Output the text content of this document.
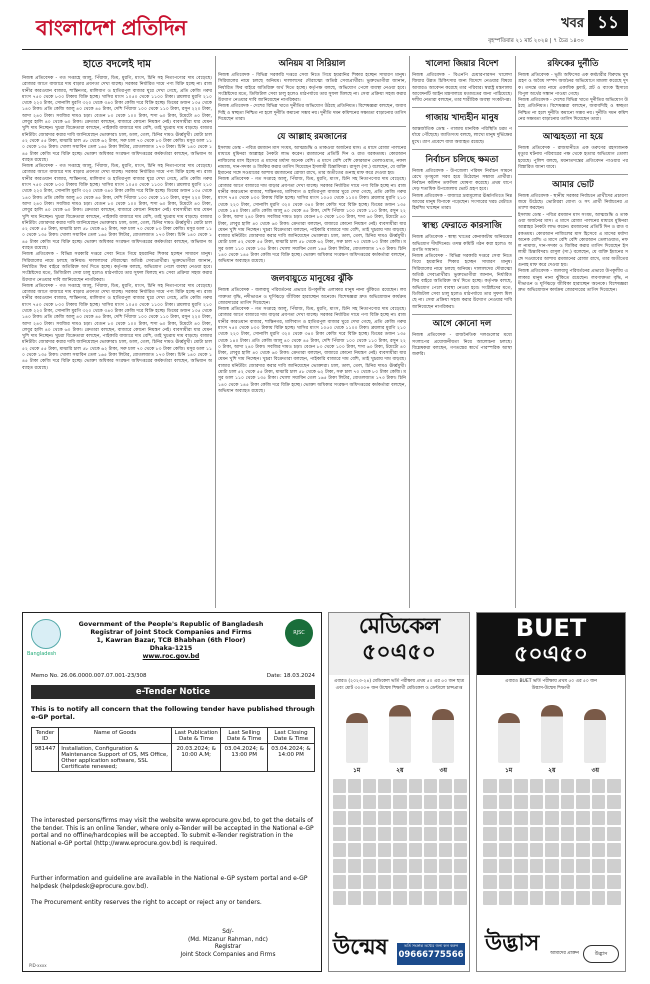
বাংলাদেশ প্রতিদিন	খবর ১১
বৃহস্পতিবার ২১ মার্চ ২০২৪ | ৭ চৈত্র ১৪৩০
হাতে বদলেই দাম
নিজস্ব প্রতিবেদক - গত সপ্তাহে আলু, পিঁয়াজ, ডিম, মুরগি, মাংস, চিনি সহ নিত্যপণ্যের দাম বেড়েছে। রোজার আগে বাজারে দাম বাড়ার প্রবণতা দেখা যাচ্ছে। সরকার নির্ধারিত দামে পণ্য বিক্রি হচ্ছে না। রাজধানীর কারওয়ান বাজার, শান্তিনগর, মালিবাগ ও হাতিরপুল বাজার ঘুরে দেখা গেছে, প্রতি কেজি গরুর মাংস ৭৫০ থেকে ৮০০ টাকায় বিক্রি হচ্ছে। খাসির মাংস ১০৫০ থেকে ১১০০ টাকা। ব্রয়লার মুরগি ২১০ থেকে ২২০ টাকা, সোনালি মুরগি ৩২০ থেকে ৩৪০ টাকা কেজি দরে বিক্রি হচ্ছে। ডিমের ডজন ১৩৫ থেকে ১৪০ টাকা। প্রতি কেজি আলু ৪০ থেকে ৪৫ টাকা, দেশি পিঁয়াজ ১০০ থেকে ১১০ টাকা, রসুন ২২০ টাকা, আদা ২৪০ টাকা। সবজির দামও চড়া। বেগুন ৮০ থেকে ১০০ টাকা, শসা ৬০ টাকা, টমেটো ৪০ টাকা, লেবুর হালি ৪০ থেকে ৬০ টাকা। ক্রেতারা বলছেন, বাজারে কোনো নিয়ন্ত্রণ নেই। ব্যবসায়ীরা যার যেমন খুশি দাম নিচ্ছেন। খুচরা বিক্রেতারা বলছেন, পাইকারি বাজারে দাম বেশি, তাই খুচরায় দাম বাড়ছে। বাজার মনিটরিং জোরদার করার দাবি জানিয়েছেন ভোক্তারা। চাল, ডাল, তেল, চিনির দামও ঊর্ধ্বমুখী। মোটা চাল ৫২ থেকে ৫৫ টাকা, মাঝারি চাল ৫৮ থেকে ৬২ টাকা, সরু চাল ৭০ থেকে ৮০ টাকা কেজি। মসুর ডাল ১১০ থেকে ১৩৫ টাকা। খোলা সয়াবিন তেল ১৬৫ টাকা লিটার, বোতলজাত ১৭৩ টাকা। চিনি ১৪০ থেকে ১৪৫ টাকা কেজি দরে বিক্রি হচ্ছে। ভোক্তা অধিকার সংরক্ষণ অধিদপ্তরের কর্মকর্তারা বলছেন, অভিযান অব্যাহত রয়েছে।
নিজস্ব প্রতিবেদক - গত সপ্তাহে আলু, পিঁয়াজ, ডিম, মুরগি, মাংস, চিনি সহ নিত্যপণ্যের দাম বেড়েছে। রোজার আগে বাজারে দাম বাড়ার প্রবণতা দেখা যাচ্ছে। সরকার নির্ধারিত দামে পণ্য বিক্রি হচ্ছে না। রাজধানীর কারওয়ান বাজার, শান্তিনগর, মালিবাগ ও হাতিরপুল বাজার ঘুরে দেখা গেছে, প্রতি কেজি গরুর মাংস ৭৫০ থেকে ৮০০ টাকায় বিক্রি হচ্ছে। খাসির মাংস ১০৫০ থেকে ১১০০ টাকা। ব্রয়লার মুরগি ২১০ থেকে ২২০ টাকা, সোনালি মুরগি ৩২০ থেকে ৩৪০ টাকা কেজি দরে বিক্রি হচ্ছে। ডিমের ডজন ১৩৫ থেকে ১৪০ টাকা। প্রতি কেজি আলু ৪০ থেকে ৪৫ টাকা, দেশি পিঁয়াজ ১০০ থেকে ১১০ টাকা, রসুন ২২০ টাকা, আদা ২৪০ টাকা। সবজির দামও চড়া। বেগুন ৮০ থেকে ১০০ টাকা, শসা ৬০ টাকা, টমেটো ৪০ টাকা, লেবুর হালি ৪০ থেকে ৬০ টাকা। ক্রেতারা বলছেন, বাজারে কোনো নিয়ন্ত্রণ নেই। ব্যবসায়ীরা যার যেমন খুশি দাম নিচ্ছেন। খুচরা বিক্রেতারা বলছেন, পাইকারি বাজারে দাম বেশি, তাই খুচরায় দাম বাড়ছে। বাজার মনিটরিং জোরদার করার দাবি জানিয়েছেন ভোক্তারা। চাল, ডাল, তেল, চিনির দামও ঊর্ধ্বমুখী। মোটা চাল ৫২ থেকে ৫৫ টাকা, মাঝারি চাল ৫৮ থেকে ৬২ টাকা, সরু চাল ৭০ থেকে ৮০ টাকা কেজি। মসুর ডাল ১১০ থেকে ১৩৫ টাকা। খোলা সয়াবিন তেল ১৬৫ টাকা লিটার, বোতলজাত ১৭৩ টাকা। চিনি ১৪০ থেকে ১৪৫ টাকা কেজি দরে বিক্রি হচ্ছে। ভোক্তা অধিকার সংরক্ষণ অধিদপ্তরের কর্মকর্তারা বলছেন, অভিযান অব্যাহত রয়েছে।
নিজস্ব প্রতিবেদক - বিভিন্ন সরকারি দপ্তরে সেবা নিতে গিয়ে হয়রানির শিকার হচ্ছেন সাধারণ মানুষ। সিরিয়ালের নামে চলছে অনিয়ম। দালালদের দৌরাত্ম্যে অতিষ্ঠ সেবাপ্রার্থীরা। ভুক্তভোগীরা জানান, নির্ধারিত ফির বাইরে অতিরিক্ত অর্থ দিতে হচ্ছে। কর্তৃপক্ষ বলছে, অভিযোগ পেলে ব্যবস্থা নেওয়া হবে। সংশ্লিষ্টদের মতে, ডিজিটাল সেবা চালু হলেও মাঠপর্যায়ে তার সুফল মিলছে না। সেবা প্রক্রিয়া সহজ করার উদ্যোগ নেওয়ার দাবি জানিয়েছেন নাগরিকরা।
নিজস্ব প্রতিবেদক - গত সপ্তাহে আলু, পিঁয়াজ, ডিম, মুরগি, মাংস, চিনি সহ নিত্যপণ্যের দাম বেড়েছে। রোজার আগে বাজারে দাম বাড়ার প্রবণতা দেখা যাচ্ছে। সরকার নির্ধারিত দামে পণ্য বিক্রি হচ্ছে না। রাজধানীর কারওয়ান বাজার, শান্তিনগর, মালিবাগ ও হাতিরপুল বাজার ঘুরে দেখা গেছে, প্রতি কেজি গরুর মাংস ৭৫০ থেকে ৮০০ টাকায় বিক্রি হচ্ছে। খাসির মাংস ১০৫০ থেকে ১১০০ টাকা। ব্রয়লার মুরগি ২১০ থেকে ২২০ টাকা, সোনালি মুরগি ৩২০ থেকে ৩৪০ টাকা কেজি দরে বিক্রি হচ্ছে। ডিমের ডজন ১৩৫ থেকে ১৪০ টাকা। প্রতি কেজি আলু ৪০ থেকে ৪৫ টাকা, দেশি পিঁয়াজ ১০০ থেকে ১১০ টাকা, রসুন ২২০ টাকা, আদা ২৪০ টাকা। সবজির দামও চড়া। বেগুন ৮০ থেকে ১০০ টাকা, শসা ৬০ টাকা, টমেটো ৪০ টাকা, লেবুর হালি ৪০ থেকে ৬০ টাকা। ক্রেতারা বলছেন, বাজারে কোনো নিয়ন্ত্রণ নেই। ব্যবসায়ীরা যার যেমন খুশি দাম নিচ্ছেন। খুচরা বিক্রেতারা বলছেন, পাইকারি বাজারে দাম বেশি, তাই খুচরায় দাম বাড়ছে। বাজার মনিটরিং জোরদার করার দাবি জানিয়েছেন ভোক্তারা। চাল, ডাল, তেল, চিনির দামও ঊর্ধ্বমুখী। মোটা চাল ৫২ থেকে ৫৫ টাকা, মাঝারি চাল ৫৮ থেকে ৬২ টাকা, সরু চাল ৭০ থেকে ৮০ টাকা কেজি। মসুর ডাল ১১০ থেকে ১৩৫ টাকা। খোলা সয়াবিন তেল ১৬৫ টাকা লিটার, বোতলজাত ১৭৩ টাকা। চিনি ১৪০ থেকে ১৪৫ টাকা কেজি দরে বিক্রি হচ্ছে। ভোক্তা অধিকার সংরক্ষণ অধিদপ্তরের কর্মকর্তারা বলছেন, অভিযান অব্যাহত রয়েছে।
অনিয়ম বা সিরিয়াল
নিজস্ব প্রতিবেদক - বিভিন্ন সরকারি দপ্তরে সেবা নিতে গিয়ে হয়রানির শিকার হচ্ছেন সাধারণ মানুষ। সিরিয়ালের নামে চলছে অনিয়ম। দালালদের দৌরাত্ম্যে অতিষ্ঠ সেবাপ্রার্থীরা। ভুক্তভোগীরা জানান, নির্ধারিত ফির বাইরে অতিরিক্ত অর্থ দিতে হচ্ছে। কর্তৃপক্ষ বলছে, অভিযোগ পেলে ব্যবস্থা নেওয়া হবে। সংশ্লিষ্টদের মতে, ডিজিটাল সেবা চালু হলেও মাঠপর্যায়ে তার সুফল মিলছে না। সেবা প্রক্রিয়া সহজ করার উদ্যোগ নেওয়ার দাবি জানিয়েছেন নাগরিকরা।
নিজস্ব প্রতিবেদক - দেশের বিভিন্ন খাতে দুর্নীতির অভিযোগ উঠছে প্রতিনিয়ত। বিশেষজ্ঞরা বলছেন, জবাবদিহি ও স্বচ্ছতা নিশ্চিত না হলে দুর্নীতি কমানো সম্ভব নয়। দুর্নীতি দমন কমিশনের সক্ষমতা বাড়ানোর তাগিদ দিয়েছেন তারা।
যে আল্লাহ রমজানের
ইসলাম ডেস্ক - পবিত্র রমজান মাস সংযম, আত্মশুদ্ধি ও তাকওয়া অর্জনের মাস। এ মাসে রোজা পালনের মাধ্যমে মুমিনরা আল্লাহর নৈকট্য লাভ করেন। রমজানের প্রতিটি দিন ও রাত বরকতময়। কোরআন নাজিলের মাস হিসেবে এ মাসের মর্যাদা অনেক বেশি। এ মাসে বেশি বেশি কোরআন তেলাওয়াত, নফল নামাজ, দান-সদকা ও জিকির করার তাগিদ দিয়েছেন ইসলামী চিন্তাবিদরা। রাসুল (সা.) বলেছেন, যে ব্যক্তি ইমানের সঙ্গে সওয়াবের আশায় রমজানের রোজা রাখে, তার অতীতের গুনাহ মাফ করে দেওয়া হয়।
নিজস্ব প্রতিবেদক - গত সপ্তাহে আলু, পিঁয়াজ, ডিম, মুরগি, মাংস, চিনি সহ নিত্যপণ্যের দাম বেড়েছে। রোজার আগে বাজারে দাম বাড়ার প্রবণতা দেখা যাচ্ছে। সরকার নির্ধারিত দামে পণ্য বিক্রি হচ্ছে না। রাজধানীর কারওয়ান বাজার, শান্তিনগর, মালিবাগ ও হাতিরপুল বাজার ঘুরে দেখা গেছে, প্রতি কেজি গরুর মাংস ৭৫০ থেকে ৮০০ টাকায় বিক্রি হচ্ছে। খাসির মাংস ১০৫০ থেকে ১১০০ টাকা। ব্রয়লার মুরগি ২১০ থেকে ২২০ টাকা, সোনালি মুরগি ৩২০ থেকে ৩৪০ টাকা কেজি দরে বিক্রি হচ্ছে। ডিমের ডজন ১৩৫ থেকে ১৪০ টাকা। প্রতি কেজি আলু ৪০ থেকে ৪৫ টাকা, দেশি পিঁয়াজ ১০০ থেকে ১১০ টাকা, রসুন ২২০ টাকা, আদা ২৪০ টাকা। সবজির দামও চড়া। বেগুন ৮০ থেকে ১০০ টাকা, শসা ৬০ টাকা, টমেটো ৪০ টাকা, লেবুর হালি ৪০ থেকে ৬০ টাকা। ক্রেতারা বলছেন, বাজারে কোনো নিয়ন্ত্রণ নেই। ব্যবসায়ীরা যার যেমন খুশি দাম নিচ্ছেন। খুচরা বিক্রেতারা বলছেন, পাইকারি বাজারে দাম বেশি, তাই খুচরায় দাম বাড়ছে। বাজার মনিটরিং জোরদার করার দাবি জানিয়েছেন ভোক্তারা। চাল, ডাল, তেল, চিনির দামও ঊর্ধ্বমুখী। মোটা চাল ৫২ থেকে ৫৫ টাকা, মাঝারি চাল ৫৮ থেকে ৬২ টাকা, সরু চাল ৭০ থেকে ৮০ টাকা কেজি। মসুর ডাল ১১০ থেকে ১৩৫ টাকা। খোলা সয়াবিন তেল ১৬৫ টাকা লিটার, বোতলজাত ১৭৩ টাকা। চিনি ১৪০ থেকে ১৪৫ টাকা কেজি দরে বিক্রি হচ্ছে। ভোক্তা অধিকার সংরক্ষণ অধিদপ্তরের কর্মকর্তারা বলছেন, অভিযান অব্যাহত রয়েছে।
জলবায়ুতে মানুষের ঝুঁকি
নিজস্ব প্রতিবেদক - জলবায়ু পরিবর্তনের প্রভাবে উপকূলীয় এলাকার মানুষ নানা ঝুঁকিতে রয়েছেন। লবণাক্ততা বৃদ্ধি, নদীভাঙন ও ঘূর্ণিঝড়ে জীবিকা হারাচ্ছেন অনেকে। বিশেষজ্ঞরা দ্রুত অভিযোজন কার্যক্রম জোরদারের তাগিদ দিয়েছেন।
নিজস্ব প্রতিবেদক - গত সপ্তাহে আলু, পিঁয়াজ, ডিম, মুরগি, মাংস, চিনি সহ নিত্যপণ্যের দাম বেড়েছে। রোজার আগে বাজারে দাম বাড়ার প্রবণতা দেখা যাচ্ছে। সরকার নির্ধারিত দামে পণ্য বিক্রি হচ্ছে না। রাজধানীর কারওয়ান বাজার, শান্তিনগর, মালিবাগ ও হাতিরপুল বাজার ঘুরে দেখা গেছে, প্রতি কেজি গরুর মাংস ৭৫০ থেকে ৮০০ টাকায় বিক্রি হচ্ছে। খাসির মাংস ১০৫০ থেকে ১১০০ টাকা। ব্রয়লার মুরগি ২১০ থেকে ২২০ টাকা, সোনালি মুরগি ৩২০ থেকে ৩৪০ টাকা কেজি দরে বিক্রি হচ্ছে। ডিমের ডজন ১৩৫ থেকে ১৪০ টাকা। প্রতি কেজি আলু ৪০ থেকে ৪৫ টাকা, দেশি পিঁয়াজ ১০০ থেকে ১১০ টাকা, রসুন ২২০ টাকা, আদা ২৪০ টাকা। সবজির দামও চড়া। বেগুন ৮০ থেকে ১০০ টাকা, শসা ৬০ টাকা, টমেটো ৪০ টাকা, লেবুর হালি ৪০ থেকে ৬০ টাকা। ক্রেতারা বলছেন, বাজারে কোনো নিয়ন্ত্রণ নেই। ব্যবসায়ীরা যার যেমন খুশি দাম নিচ্ছেন। খুচরা বিক্রেতারা বলছেন, পাইকারি বাজারে দাম বেশি, তাই খুচরায় দাম বাড়ছে। বাজার মনিটরিং জোরদার করার দাবি জানিয়েছেন ভোক্তারা। চাল, ডাল, তেল, চিনির দামও ঊর্ধ্বমুখী। মোটা চাল ৫২ থেকে ৫৫ টাকা, মাঝারি চাল ৫৮ থেকে ৬২ টাকা, সরু চাল ৭০ থেকে ৮০ টাকা কেজি। মসুর ডাল ১১০ থেকে ১৩৫ টাকা। খোলা সয়াবিন তেল ১৬৫ টাকা লিটার, বোতলজাত ১৭৩ টাকা। চিনি ১৪০ থেকে ১৪৫ টাকা কেজি দরে বিক্রি হচ্ছে। ভোক্তা অধিকার সংরক্ষণ অধিদপ্তরের কর্মকর্তারা বলছেন, অভিযান অব্যাহত রয়েছে।
খালেদা জিয়ার বিদেশ
নিজস্ব প্রতিবেদক - বিএনপি চেয়ারপারসন খালেদা জিয়ার উন্নত চিকিৎসার জন্য বিদেশে নেওয়ার বিষয়ে আবারও আবেদন করেছে তার পরিবার। স্বরাষ্ট্র মন্ত্রণালয় আবেদনটি আইন মন্ত্রণালয়ে মতামতের জন্য পাঠিয়েছে। দলীয় নেতারা বলছেন, তার শারীরিক অবস্থা সংকটাপন্ন।
গাজায় খাদ্যহীন মানুষ
আন্তর্জাতিক ডেস্ক - গাজায় মানবিক পরিস্থিতি চরম পর্যায়ে পৌঁছেছে। জাতিসংঘ বলছে, লাখো মানুষ দুর্ভিক্ষের মুখে। ত্রাণ প্রবেশে বাধা অব্যাহত রয়েছে।
নির্বাচন চলিছে ক্ষমতা
নিজস্ব প্রতিবেদক - উপজেলা পরিষদ নির্বাচন সামনে রেখে তৃণমূলে সরব হয়ে উঠেছেন সম্ভাব্য প্রার্থীরা। নির্বাচন কমিশন তফসিল ঘোষণা করেছে। প্রথম ধাপে দেড় শতাধিক উপজেলায় ভোট গ্রহণ হবে।
নিজস্ব প্রতিবেদক - বাজারে দ্রব্যমূল্যের ঊর্ধ্বগতিতে নিম্ন আয়ের মানুষ বিপাকে পড়েছেন। সংসারের খরচ মেটাতে হিমশিম খাচ্ছেন তারা।
স্বাস্থ্য ফেরাতে কারসাজি
নিজস্ব প্রতিবেদক - স্বাস্থ্য খাতের কেনাকাটায় অনিয়মের অভিযোগ দীর্ঘদিনের। তদন্ত কমিটি গঠন করা হলেও অগ্রগতি সামান্য।
নিজস্ব প্রতিবেদক - বিভিন্ন সরকারি দপ্তরে সেবা নিতে গিয়ে হয়রানির শিকার হচ্ছেন সাধারণ মানুষ। সিরিয়ালের নামে চলছে অনিয়ম। দালালদের দৌরাত্ম্যে অতিষ্ঠ সেবাপ্রার্থীরা। ভুক্তভোগীরা জানান, নির্ধারিত ফির বাইরে অতিরিক্ত অর্থ দিতে হচ্ছে। কর্তৃপক্ষ বলছে, অভিযোগ পেলে ব্যবস্থা নেওয়া হবে। সংশ্লিষ্টদের মতে, ডিজিটাল সেবা চালু হলেও মাঠপর্যায়ে তার সুফল মিলছে না। সেবা প্রক্রিয়া সহজ করার উদ্যোগ নেওয়ার দাবি জানিয়েছেন নাগরিকরা।
আগে কোনো দল
নিজস্ব প্রতিবেদক - রাজনৈতিক দলগুলোর মধ্যে সংলাপের প্রয়োজনীয়তা নিয়ে আলোচনা চলছে। বিশ্লেষকরা বলছেন, গণতন্ত্রের স্বার্থে পারস্পরিক আস্থা জরুরি।
রফিকের দুর্নীতি
নিজস্ব প্রতিবেদক - ভূমি অফিসের এক কর্মচারীর বিরুদ্ধে ঘুষ গ্রহণ ও অবৈধ সম্পদ অর্জনের অভিযোগে মামলা করেছে দুদক। তদন্তে তার নামে একাধিক ফ্ল্যাট, প্লট ও ব্যাংক হিসাবে বিপুল অর্থের সন্ধান পাওয়া গেছে।
নিজস্ব প্রতিবেদক - দেশের বিভিন্ন খাতে দুর্নীতির অভিযোগ উঠছে প্রতিনিয়ত। বিশেষজ্ঞরা বলছেন, জবাবদিহি ও স্বচ্ছতা নিশ্চিত না হলে দুর্নীতি কমানো সম্ভব নয়। দুর্নীতি দমন কমিশনের সক্ষমতা বাড়ানোর তাগিদ দিয়েছেন তারা।
আত্মহত্যা না হয়ে
নিজস্ব প্রতিবেদক - রাজধানীতে এক তরুণের রহস্যজনক মৃত্যুর ঘটনায় পরিবারের পক্ষ থেকে হত্যার অভিযোগ তোলা হয়েছে। পুলিশ বলছে, ময়নাতদন্তের প্রতিবেদন পাওয়ার পর বিস্তারিত জানা যাবে।
আমার ভোট
নিজস্ব প্রতিবেদক - স্থানীয় সরকার নির্বাচনে প্রার্থীদের প্রচারণা জমে উঠেছে। ভোটাররা যোগ্য ও সৎ প্রার্থী নির্বাচনের প্রত্যাশা করছেন।
ইসলাম ডেস্ক - পবিত্র রমজান মাস সংযম, আত্মশুদ্ধি ও তাকওয়া অর্জনের মাস। এ মাসে রোজা পালনের মাধ্যমে মুমিনরা আল্লাহর নৈকট্য লাভ করেন। রমজানের প্রতিটি দিন ও রাত বরকতময়। কোরআন নাজিলের মাস হিসেবে এ মাসের মর্যাদা অনেক বেশি। এ মাসে বেশি বেশি কোরআন তেলাওয়াত, নফল নামাজ, দান-সদকা ও জিকির করার তাগিদ দিয়েছেন ইসলামী চিন্তাবিদরা। রাসুল (সা.) বলেছেন, যে ব্যক্তি ইমানের সঙ্গে সওয়াবের আশায় রমজানের রোজা রাখে, তার অতীতের গুনাহ মাফ করে দেওয়া হয়।
নিজস্ব প্রতিবেদক - জলবায়ু পরিবর্তনের প্রভাবে উপকূলীয় এলাকার মানুষ নানা ঝুঁকিতে রয়েছেন। লবণাক্ততা বৃদ্ধি, নদীভাঙন ও ঘূর্ণিঝড়ে জীবিকা হারাচ্ছেন অনেকে। বিশেষজ্ঞরা দ্রুত অভিযোজন কার্যক্রম জোরদারের তাগিদ দিয়েছেন।
Bangladesh
RJSC
Government of the People's Republic of Bangladesh
Registrar of Joint Stock Companies and Firms
1, Kawran Bazar, TCB Bhabhan (6th Floor)
Dhaka-1215
www.roc.gov.bd
Memo No. 26.06.0000.007.07.001-23/308	Date: 18.03.2024
e-Tender Notice
This is to notify all concern that the following tender have published through e-GP portal.
Tender ID	Name of Goods	Last Publication Date & Time	Last Selling Date & Time	Last Closing Date & Time
981447	Installation, Configuration & Maintenance Support of OS, MS Office, Other application software, SSL Certificate renewed;	20.03.2024; & 10:00 A.M;	03.04.2024; & 13:00 PM	03.04.2024; & 14:00 PM
The interested persons/firms may visit the website www.eprocure.gov.bd, to get the details of the tender. This is an online Tender, where only e-Tender will be accepted in the National e-GP portal and no offline/hardcopies will be accepted. To submit e-Tender registration in the National e-GP portal (http://www.eprocure.gov.bd) is required.
Further information and guideline are available in the National e-GP system portal and e-GP helpdesk (helpdesk@eprocure.gov.bd).
The Procurement entity reserves the right to accept or reject any or tenders.
Sd/-
(Md. Mizanur Rahman, ndc)
Registrar
Joint Stock Companies and Firms
PID-xxxx
মেডিকেল
৫০এ৫০
এবারও (২০২৩-২৪) মেডিকেল ভর্তি পরীক্ষায় প্রথম ৫০ এর ৫০ জন ছাত্র
এবং মোট ৩০০০+ জন উন্মেষ শিক্ষার্থী মেডিকেল ও ডেন্টালে চান্সপ্রাপ্ত
১ম	২য়	৩য়
উন্মেষ	ভর্তি সংক্রান্ত তথ্যের জন্য কল করুন
09666775566
BUET
৫০এ৫০
এবারও BUET ভর্তি পরীক্ষায় প্রথম ৫০ এর ৫০ জন
উদ্ভাস-উন্মেষ শিক্ষার্থী
১ম	২য়	৩য়
উদ্ভাস আমাদের প্রাক্তন	উদ্ভাস
